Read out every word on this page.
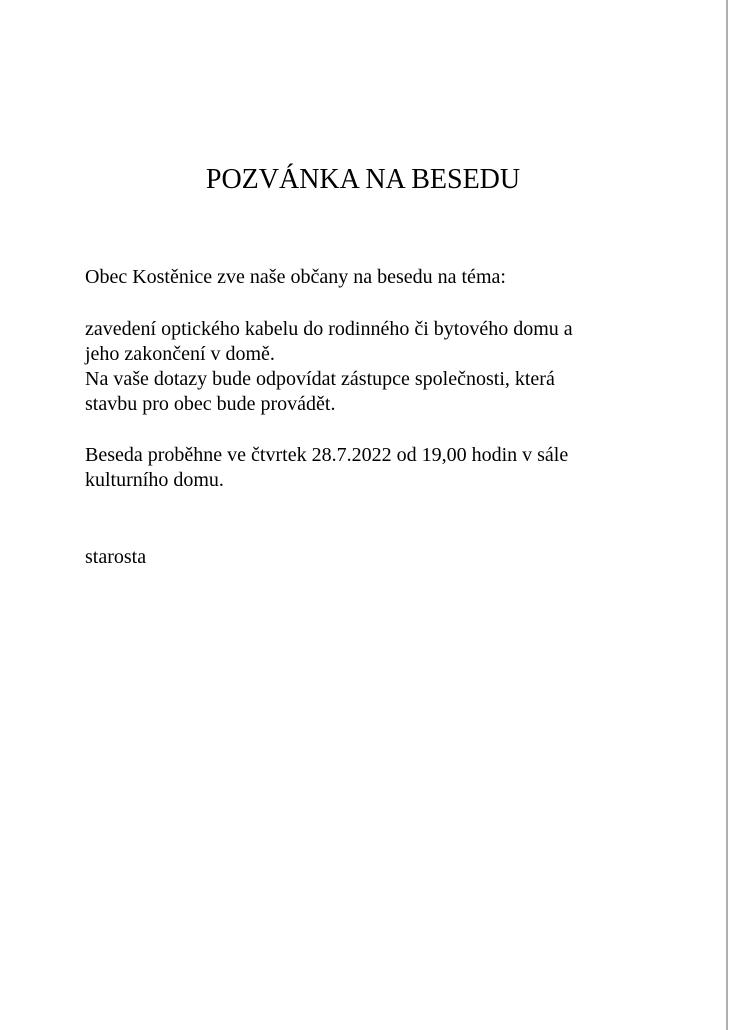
POZVÁNKA NA BESEDU
Obec Kostěnice zve naše občany na besedu na téma:
zavedení optického kabelu do rodinného či bytového domu a
jeho zakončení v domě.
Na vaše dotazy bude odpovídat zástupce společnosti, která
stavbu pro obec bude provádět.
Beseda proběhne ve čtvrtek 28.7.2022 od 19,00 hodin v sále
kulturního domu.
starosta
